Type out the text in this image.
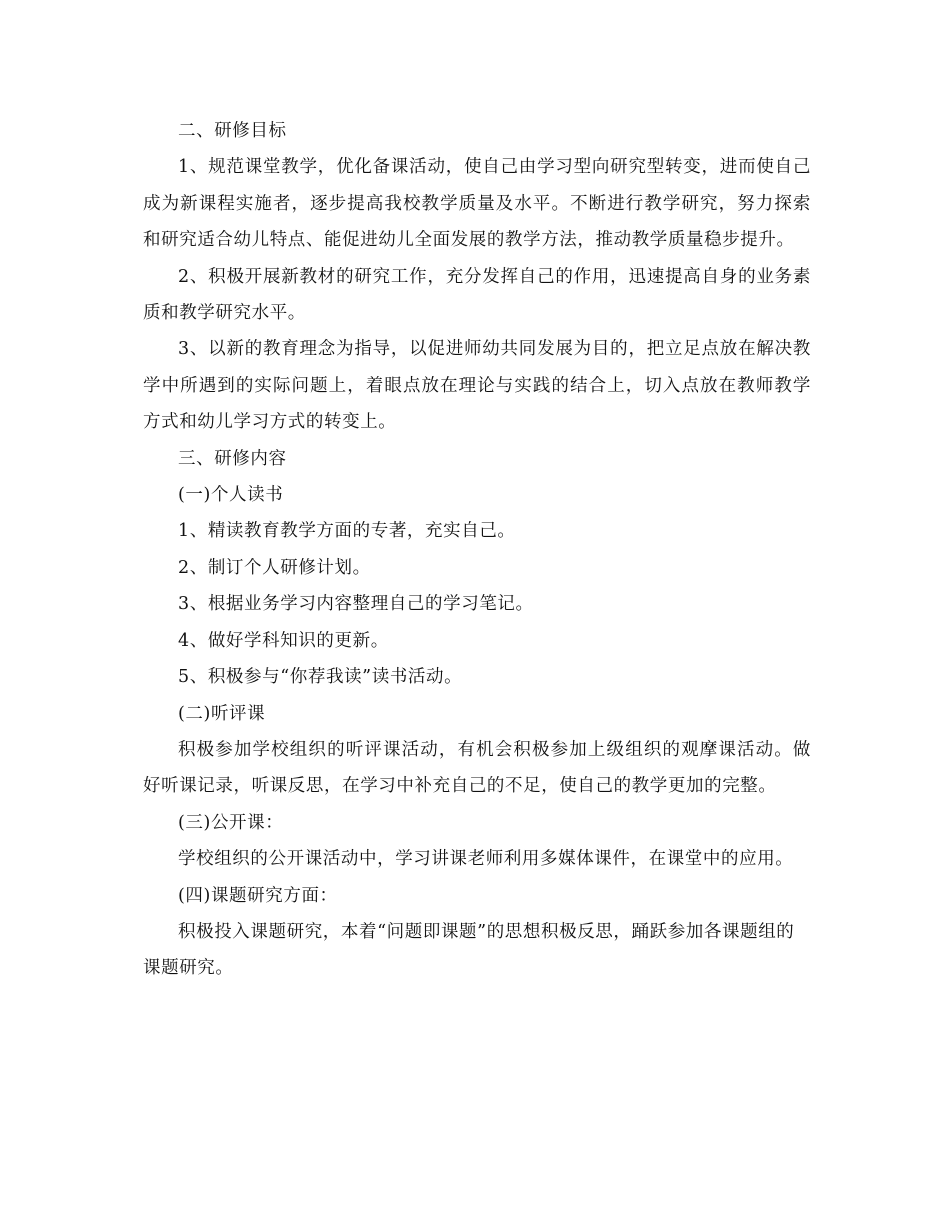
二、研修目标

1、规范课堂教学，优化备课活动，使自己由学习型向研究型转变，进而使自己成为新课程实施者，逐步提高我校教学质量及水平。不断进行教学研究，努力探索和研究适合幼儿特点、能促进幼儿全面发展的教学方法，推动教学质量稳步提升。

2、积极开展新教材的研究工作，充分发挥自己的作用，迅速提高自身的业务素质和教学研究水平。

3、以新的教育理念为指导，以促进师幼共同发展为目的，把立足点放在解决教学中所遇到的实际问题上，着眼点放在理论与实践的结合上，切入点放在教师教学方式和幼儿学习方式的转变上。

三、研修内容

(一)个人读书

1、精读教育教学方面的专著，充实自己。

2、制订个人研修计划。

3、根据业务学习内容整理自己的学习笔记。

4、做好学科知识的更新。

5、积极参与“你荐我读”读书活动。

(二)听评课

积极参加学校组织的听评课活动，有机会积极参加上级组织的观摩课活动。做好听课记录，听课反思，在学习中补充自己的不足，使自己的教学更加的完整。

(三)公开课：

学校组织的公开课活动中，学习讲课老师利用多媒体课件，在课堂中的应用。

(四)课题研究方面：

积极投入课题研究，本着“问题即课题”的思想积极反思，踊跃参加各课题组的课题研究。
